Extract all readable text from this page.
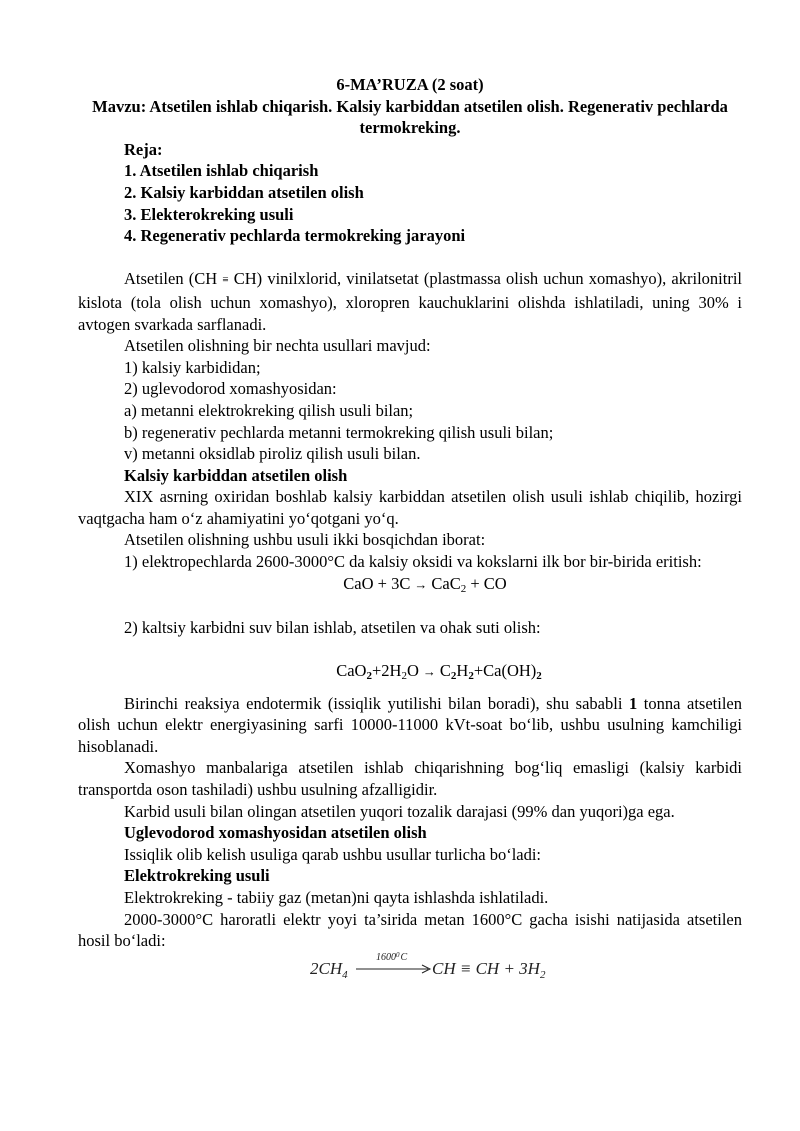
6-MA’RUZA (2 soat)

Mavzu: Atsetilen ishlab chiqarish. Kalsiy karbiddan atsetilen olish. Regenerativ pechlarda termokreking.

Reja:

1. Atsetilen ishlab chiqarish

2. Kalsiy karbiddan atsetilen olish

3. Elekterokreking usuli

4. Regenerativ pechlarda termokreking jarayoni

Atsetilen (CH ≡ CH) vinilxlorid, vinilatsetat (plastmassa olish uchun xomashyo), akrilonitril kislota (tola olish uchun xomashyo), xloropren kauchuklarini olishda ishlatiladi, uning 30% i avtogen svarkada sarflanadi.

Atsetilen olishning bir nechta usullari mavjud:

1) kalsiy karbididan;

2) uglevodorod xomashyosidan:

a) metanni elektrokreking qilish usuli bilan;

b) regenerativ pechlarda metanni termokreking qilish usuli bilan;

v) metanni oksidlab piroliz qilish usuli bilan.

Kalsiy karbiddan atsetilen olish

XIX asrning oxiridan boshlab kalsiy karbiddan atsetilen olish usuli ishlab chiqilib, hozirgi vaqtgacha ham o‘z ahamiyatini yo‘qotgani yo‘q.

Atsetilen olishning ushbu usuli ikki bosqichdan iborat:

1) elektropechlarda 2600-3000°C da kalsiy oksidi va kokslarni ilk bor bir-birida eritish:

CaO + 3C → CaC$_2$ + CO

2) kaltsiy karbidni suv bilan ishlab, atsetilen va ohak suti olish:

$CaO_2+2H_2O \to C_2H_2+Ca(OH)_2$

Birinchi reaksiya endotermik (issiqlik yutilishi bilan boradi), shu sababli 1 tonna atsetilen olish uchun elektr energiyasining sarfi 10000-11000 kVt-soat bo‘lib, ushbu usulning kamchiligi hisoblanadi.

Xomashyo manbalariga atsetilen ishlab chiqarishning bog‘liq emasligi (kalsiy karbidi transportda oson tashiladi) ushbu usulning afzalligidir.

Karbid usuli bilan olingan atsetilen yuqori tozalik darajasi (99% dan yuqori)ga ega.

Uglevodorod xomashyosidan atsetilen olish

Issiqlik olib kelish usuliga qarab ushbu usullar turlicha bo‘ladi:

Elektrokreking usuli

Elektrokreking - tabiiy gaz (metan)ni qayta ishlashda ishlatiladi.

2000-3000°C haroratli elektr yoyi ta’sirida metan 1600°C gacha isishi natijasida atsetilen hosil bo‘ladi:

$2CH_4$
1600$^0$C
CH ≡ CH + $3H_2$
